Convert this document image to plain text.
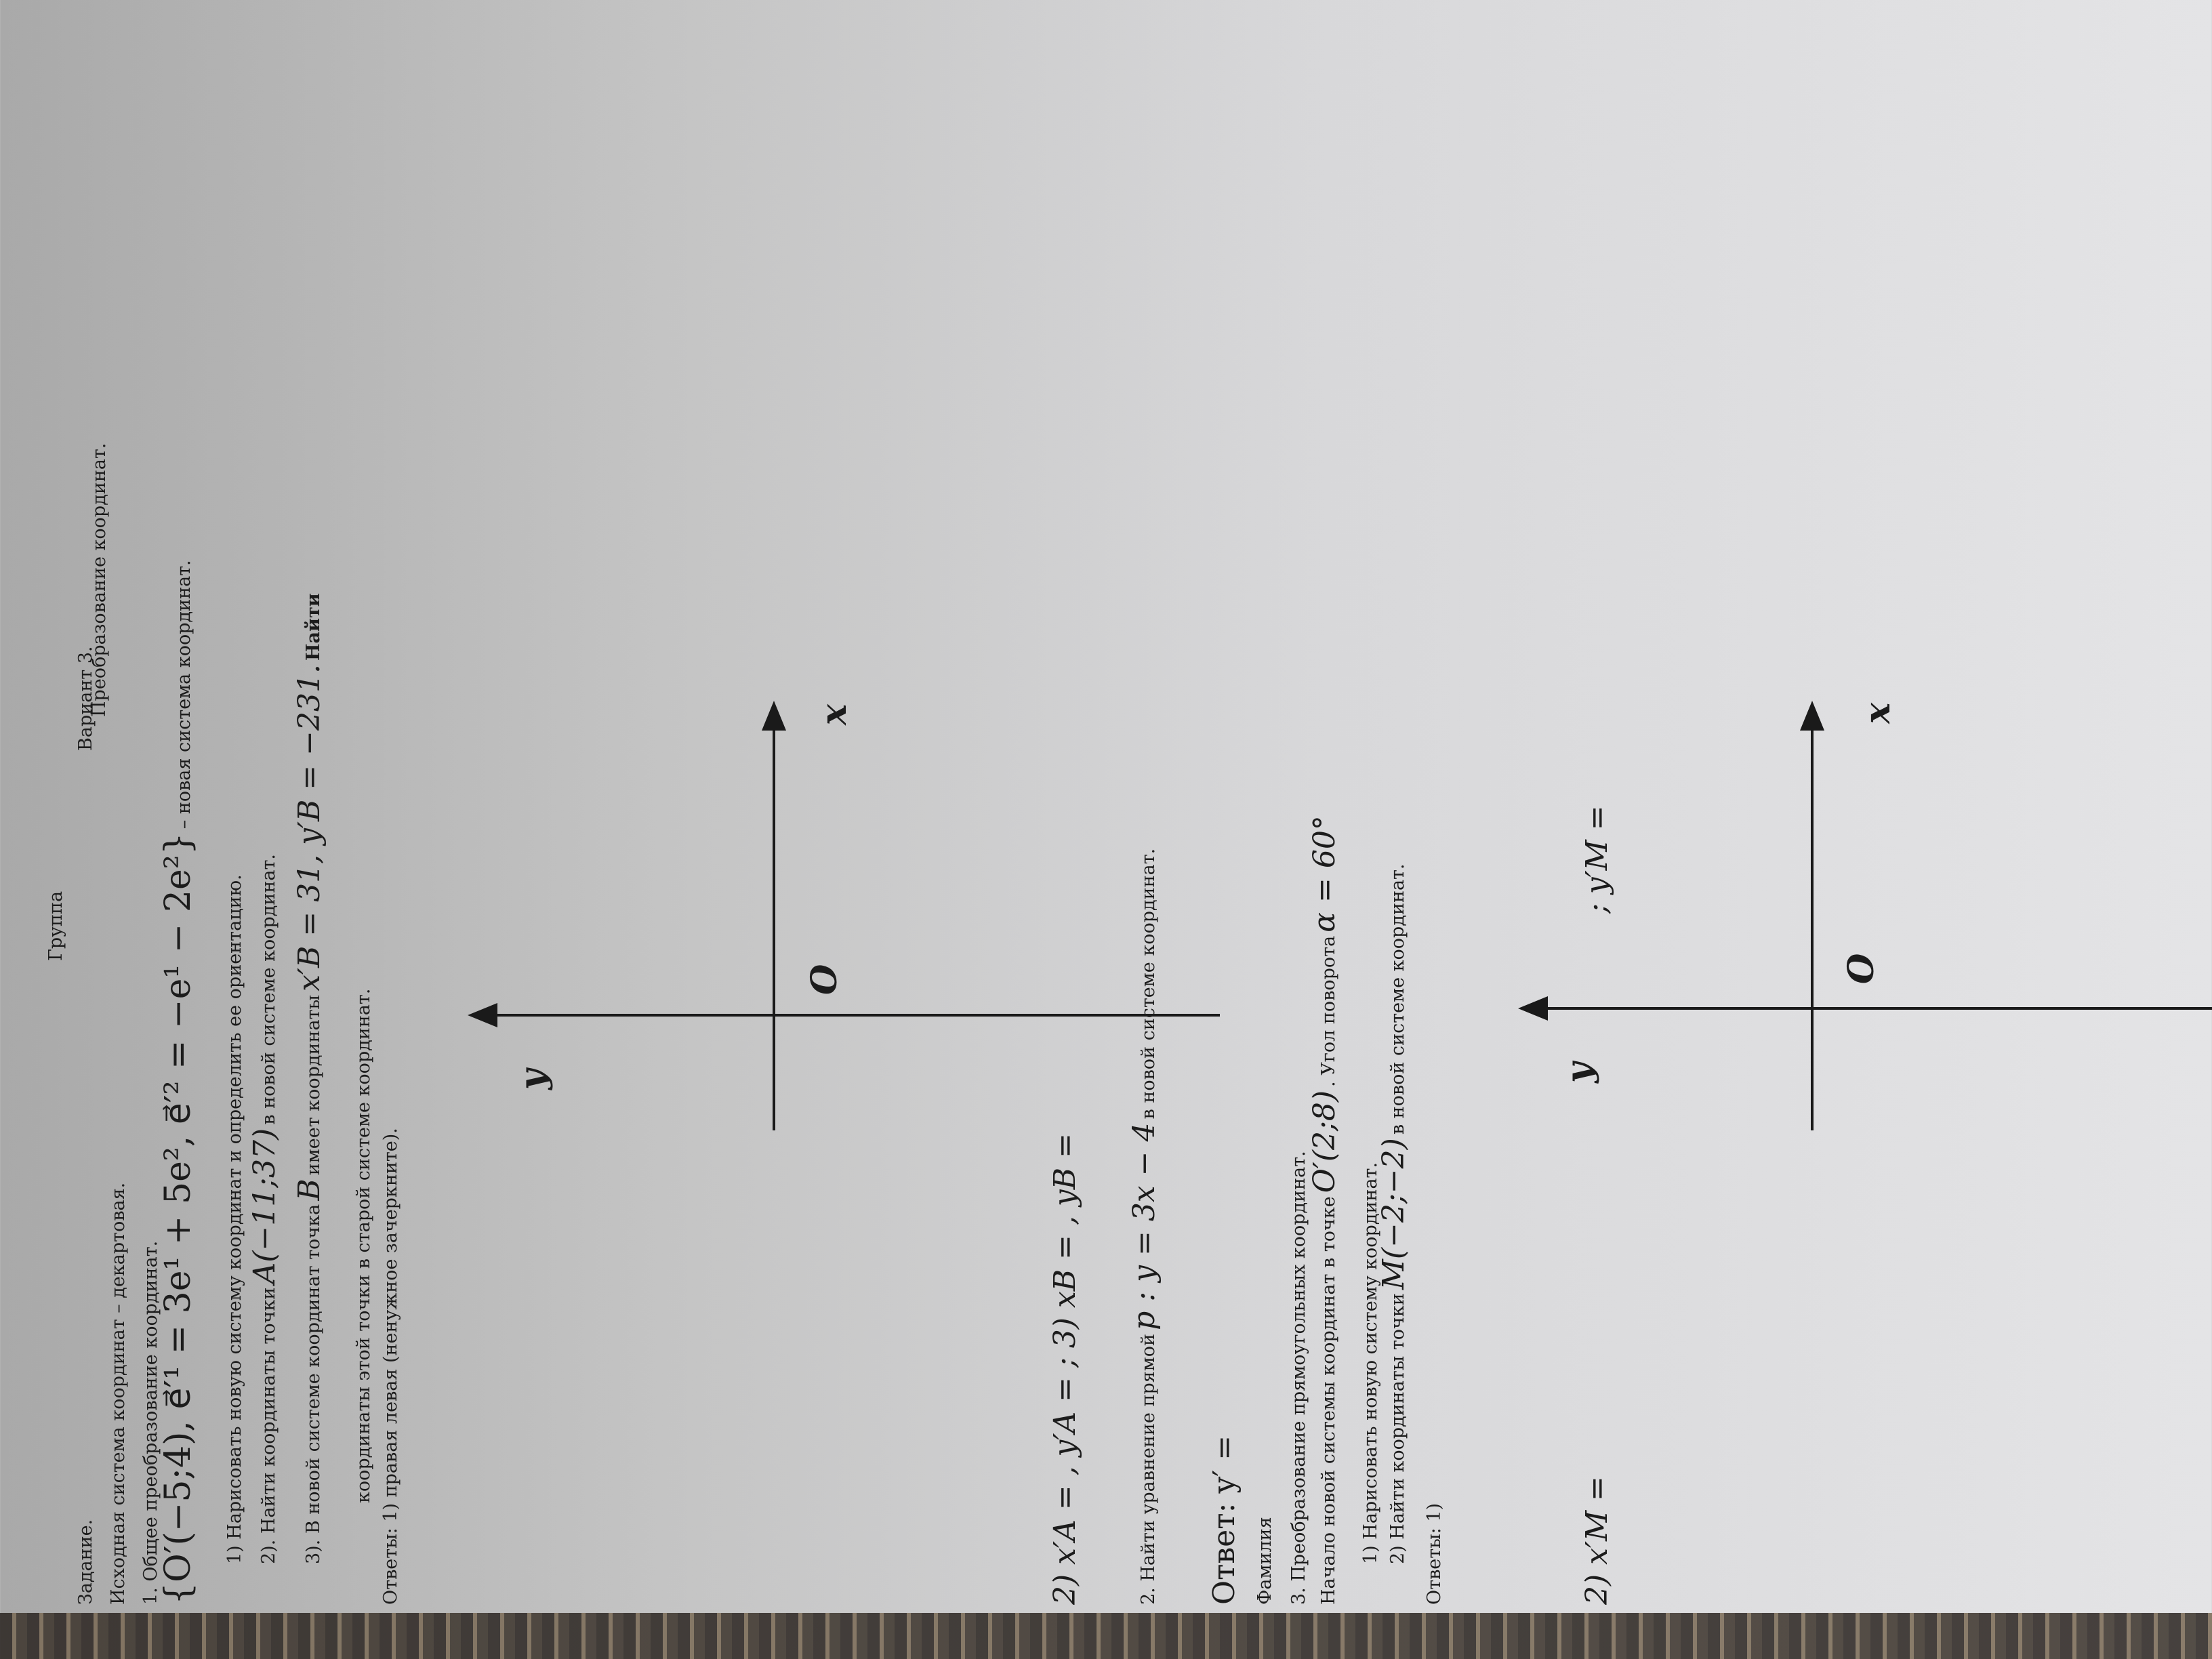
Фамилия
Группа
Задание.
Вариант 3.
Преобразование координат.
Исходная система координат – декартовая. 1. Общее преобразование координат.
{O′(−5;4), e⃗′¹ = 3e¹ + 5e², e⃗′² = −e¹ − 2e²} – новая система координат.
1) Нарисовать новую систему координат и определить ее ориентацию. 2). Найти координаты точки A(−11;37) в новой системе координат.
3). В новой системе координат точка B имеет координаты x′B = 31, y′B = −231. Найти
координаты этой точки в старой системе координат. Ответы: 1) правая левая (ненужное зачеркните).
x
y
O
2) x′A = , y′A = ; 3) xB = , yB =	2. Найти уравнение прямой p : y = 3x − 4 в новой системе координат.
Ответ: y′ =	3. Преобразование прямоугольных координат. Начало новой системы координат в точке O′(2;8) . Угол поворота α = 60°
1) Нарисовать новую систему координат. 2) Найти координаты точки M(−2;−2) в новой системе координат.
Ответы: 1)
x
y
O
2) x′M =
; y′M =
